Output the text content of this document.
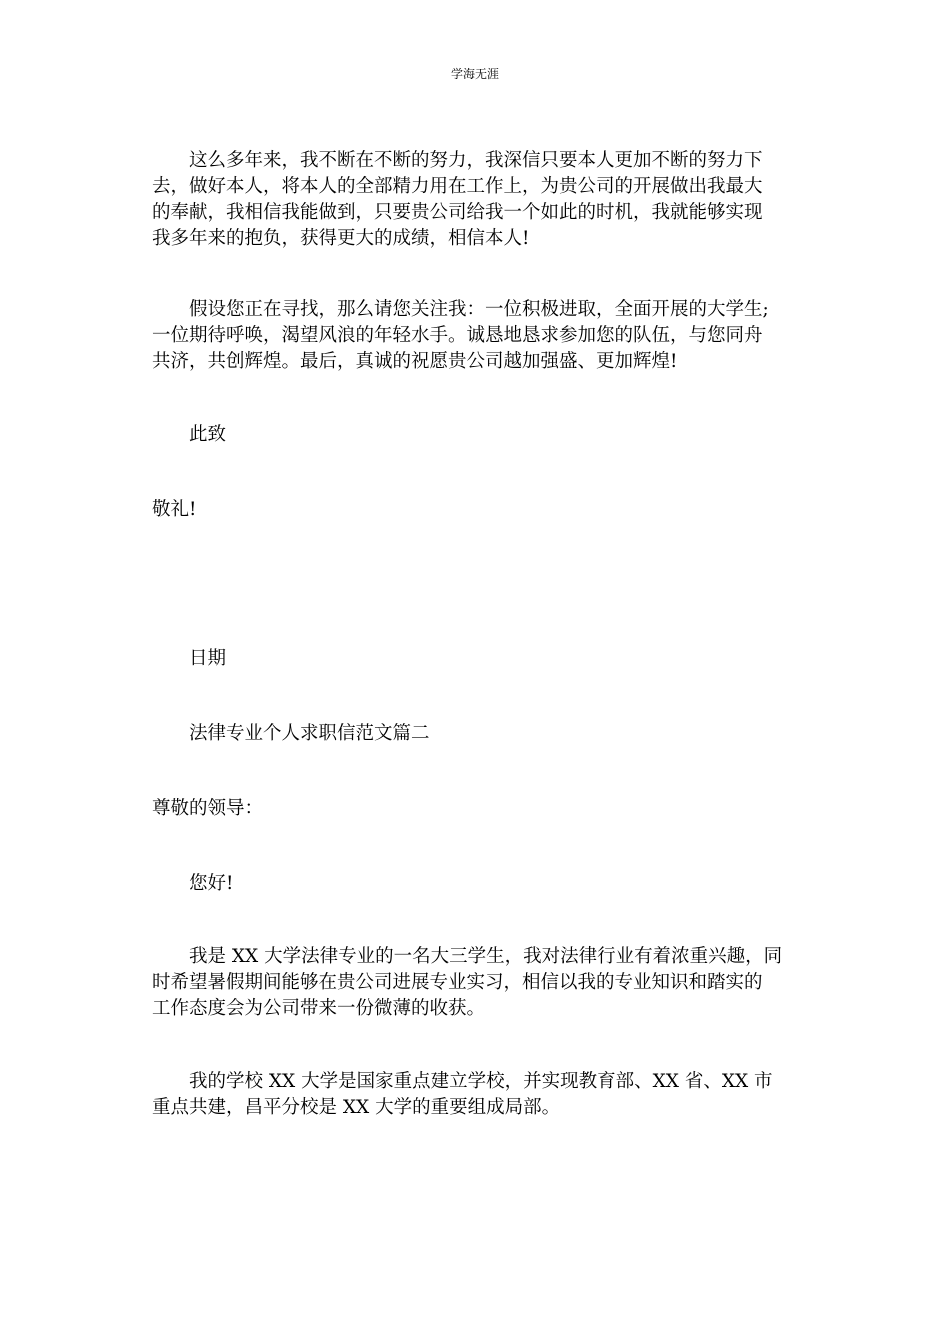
学海无涯
这么多年来，我不断在不断的努力，我深信只要本人更加不断的努力下
去，做好本人，将本人的全部精力用在工作上，为贵公司的开展做出我最大
的奉献，我相信我能做到，只要贵公司给我一个如此的时机，我就能够实现
我多年来的抱负，获得更大的成绩，相信本人!
假设您正在寻找，那么请您关注我：一位积极进取，全面开展的大学生;
一位期待呼唤，渴望风浪的年轻水手。诚恳地恳求参加您的队伍，与您同舟
共济，共创辉煌。最后，真诚的祝愿贵公司越加强盛、更加辉煌!
此致
敬礼!
日期
法律专业个人求职信范文篇二
尊敬的领导：
您好!
我是 XX 大学法律专业的一名大三学生，我对法律行业有着浓重兴趣，同
时希望暑假期间能够在贵公司进展专业实习，相信以我的专业知识和踏实的
工作态度会为公司带来一份微薄的收获。
我的学校 XX 大学是国家重点建立学校，并实现教育部、XX 省、XX 市
重点共建，昌平分校是 XX 大学的重要组成局部。
